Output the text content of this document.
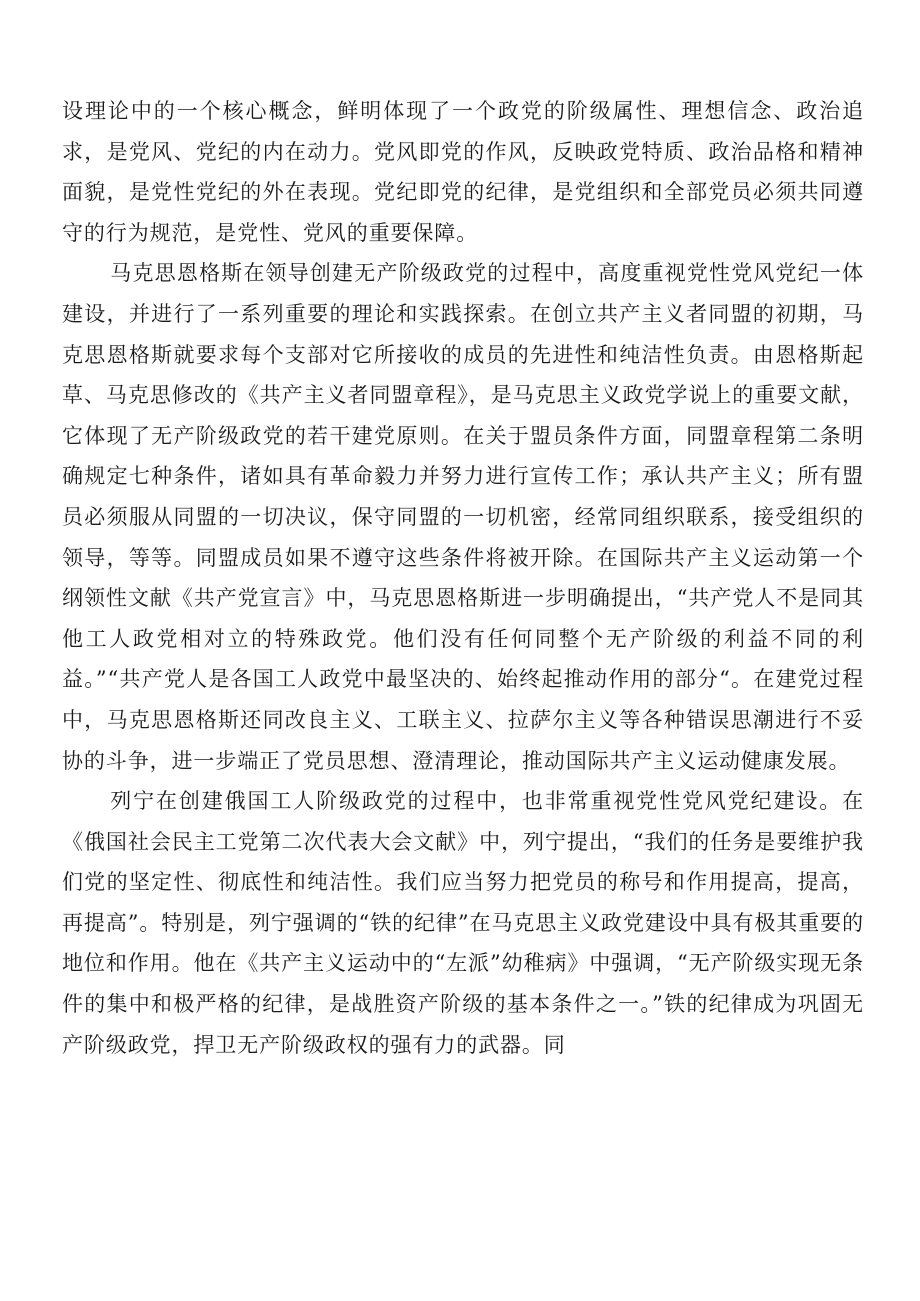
设理论中的一个核心概念，鲜明体现了一个政党的阶级属性、理想信念、政治追求，是党风、党纪的内在动力。党风即党的作风，反映政党特质、政治品格和精神面貌，是党性党纪的外在表现。党纪即党的纪律，是党组织和全部党员必须共同遵守的行为规范，是党性、党风的重要保障。

马克思恩格斯在领导创建无产阶级政党的过程中，高度重视党性党风党纪一体建设，并进行了一系列重要的理论和实践探索。在创立共产主义者同盟的初期，马克思恩格斯就要求每个支部对它所接收的成员的先进性和纯洁性负责。由恩格斯起草、马克思修改的《共产主义者同盟章程》，是马克思主义政党学说上的重要文献，它体现了无产阶级政党的若干建党原则。在关于盟员条件方面，同盟章程第二条明确规定七种条件，诸如具有革命毅力并努力进行宣传工作；承认共产主义；所有盟员必须服从同盟的一切决议，保守同盟的一切机密，经常同组织联系，接受组织的领导，等等。同盟成员如果不遵守这些条件将被开除。在国际共产主义运动第一个纲领性文献《共产党宣言》中，马克思恩格斯进一步明确提出，“共产党人不是同其他工人政党相对立的特殊政党。他们没有任何同整个无产阶级的利益不同的利益。”“共产党人是各国工人政党中最坚决的、始终起推动作用的部分“。在建党过程中，马克思恩格斯还同改良主义、工联主义、拉萨尔主义等各种错误思潮进行不妥协的斗争，进一步端正了党员思想、澄清理论，推动国际共产主义运动健康发展。

列宁在创建俄国工人阶级政党的过程中，也非常重视党性党风党纪建设。在《俄国社会民主工党第二次代表大会文献》中，列宁提出，“我们的任务是要维护我们党的坚定性、彻底性和纯洁性。我们应当努力把党员的称号和作用提高，提高，再提高”。特别是，列宁强调的“铁的纪律”在马克思主义政党建设中具有极其重要的地位和作用。他在《共产主义运动中的“左派”幼稚病》中强调，“无产阶级实现无条件的集中和极严格的纪律，是战胜资产阶级的基本条件之一。”铁的纪律成为巩固无产阶级政党，捍卫无产阶级政权的强有力的武器。同
